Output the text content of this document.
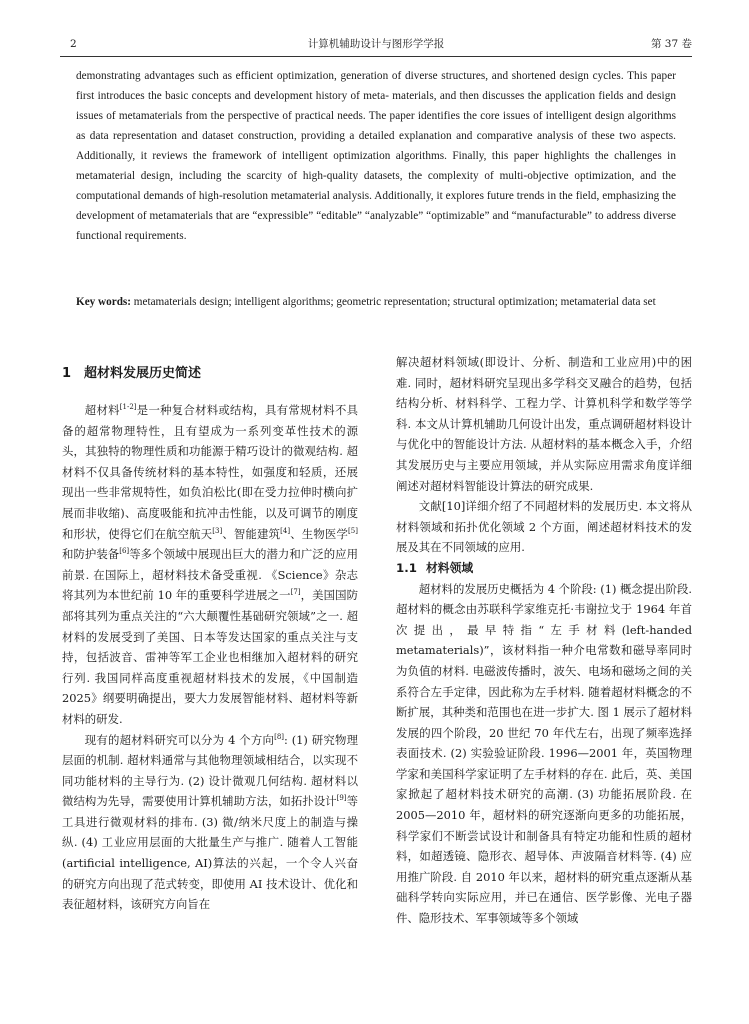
2	计算机辅助设计与图形学学报	第 37 卷
demonstrating advantages such as efficient optimization, generation of diverse structures, and shortened design cycles. This paper first introduces the basic concepts and development history of meta- materials, and then discusses the application fields and design issues of metamaterials from the perspective of practical needs. The paper identifies the core issues of intelligent design algorithms as data representation and dataset construction, providing a detailed explanation and comparative analysis of these two aspects. Additionally, it reviews the framework of intelligent optimization algorithms. Finally, this paper highlights the challenges in metamaterial design, including the scarcity of high-quality datasets, the complexity of multi-objective optimization, and the computational demands of high-resolution metamaterial analysis. Additionally, it explores future trends in the field, emphasizing the development of metamaterials that are “expressible” “editable” “analyzable” “optimizable” and “manufacturable” to address diverse functional requirements.
Key words: metamaterials design; intelligent algorithms; geometric representation; structural optimization; metamaterial data set
1 超材料发展历史简述

超材料[1-2]是一种复合材料或结构，具有常规材料不具备的超常物理特性，且有望成为一系列变革性技术的源头，其独特的物理性质和功能源于精巧设计的微观结构. 超材料不仅具备传统材料的基本特性，如强度和轻质，还展现出一些非常规特性，如负泊松比(即在受力拉伸时横向扩展而非收缩)、高度吸能和抗冲击性能，以及可调节的刚度和形状，使得它们在航空航天[3]、智能建筑[4]、生物医学[5]和防护装备[6]等多个领域中展现出巨大的潜力和广泛的应用前景. 在国际上，超材料技术备受重视. 《Science》杂志将其列为本世纪前 10 年的重要科学进展之一[7]，美国国防部将其列为重点关注的“六大颠覆性基础研究领域”之一. 超材料的发展受到了美国、日本等发达国家的重点关注与支持，包括波音、雷神等军工企业也相继加入超材料的研究行列. 我国同样高度重视超材料技术的发展，《中国制造 2025》纲要明确提出，要大力发展智能材料、超材料等新材料的研发.

现有的超材料研究可以分为 4 个方向[8]: (1) 研究物理层面的机制. 超材料通常与其他物理领域相结合，以实现不同功能材料的主导行为. (2) 设计微观几何结构. 超材料以微结构为先导，需要使用计算机辅助方法，如拓扑设计[9]等工具进行微观材料的排布. (3) 微/纳米尺度上的制造与操纵. (4) 工业应用层面的大批量生产与推广. 随着人工智能(artificial intelligence, AI)算法的兴起，一个令人兴奋的研究方向出现了范式转变，即使用 AI 技术设计、优化和表征超材料，该研究方向旨在

解决超材料领域(即设计、分析、制造和工业应用)中的困难. 同时，超材料研究呈现出多学科交叉融合的趋势，包括结构分析、材料科学、工程力学、计算机科学和数学等学科. 本文从计算机辅助几何设计出发，重点调研超材料设计与优化中的智能设计方法. 从超材料的基本概念入手，介绍其发展历史与主要应用领域，并从实际应用需求角度详细阐述对超材料智能设计算法的研究成果.

文献[10]详细介绍了不同超材料的发展历史. 本文将从材料领域和拓扑优化领域 2 个方面，阐述超材料技术的发展及其在不同领域的应用.

1.1 材料领域

超材料的发展历史概括为 4 个阶段: (1) 概念提出阶段. 超材料的概念由苏联科学家维克托·韦谢拉戈于 1964 年首次提出，最早特指“左手材料(left-handed metamaterials)”，该材料指一种介电常数和磁导率同时为负值的材料. 电磁波传播时，波矢、电场和磁场之间的关系符合左手定律，因此称为左手材料. 随着超材料概念的不断扩展，其种类和范围也在进一步扩大. 图 1 展示了超材料发展的四个阶段，20 世纪 70 年代左右，出现了频率选择表面技术. (2) 实验验证阶段. 1996—2001 年，英国物理学家和美国科学家证明了左手材料的存在. 此后，英、美国家掀起了超材料技术研究的高潮. (3) 功能拓展阶段. 在 2005—2010 年，超材料的研究逐渐向更多的功能拓展，科学家们不断尝试设计和制备具有特定功能和性质的超材料，如超透镜、隐形衣、超导体、声波隔音材料等. (4) 应用推广阶段. 自 2010 年以来，超材料的研究重点逐渐从基础科学转向实际应用，并已在通信、医学影像、光电子器件、隐形技术、军事领域等多个领域
